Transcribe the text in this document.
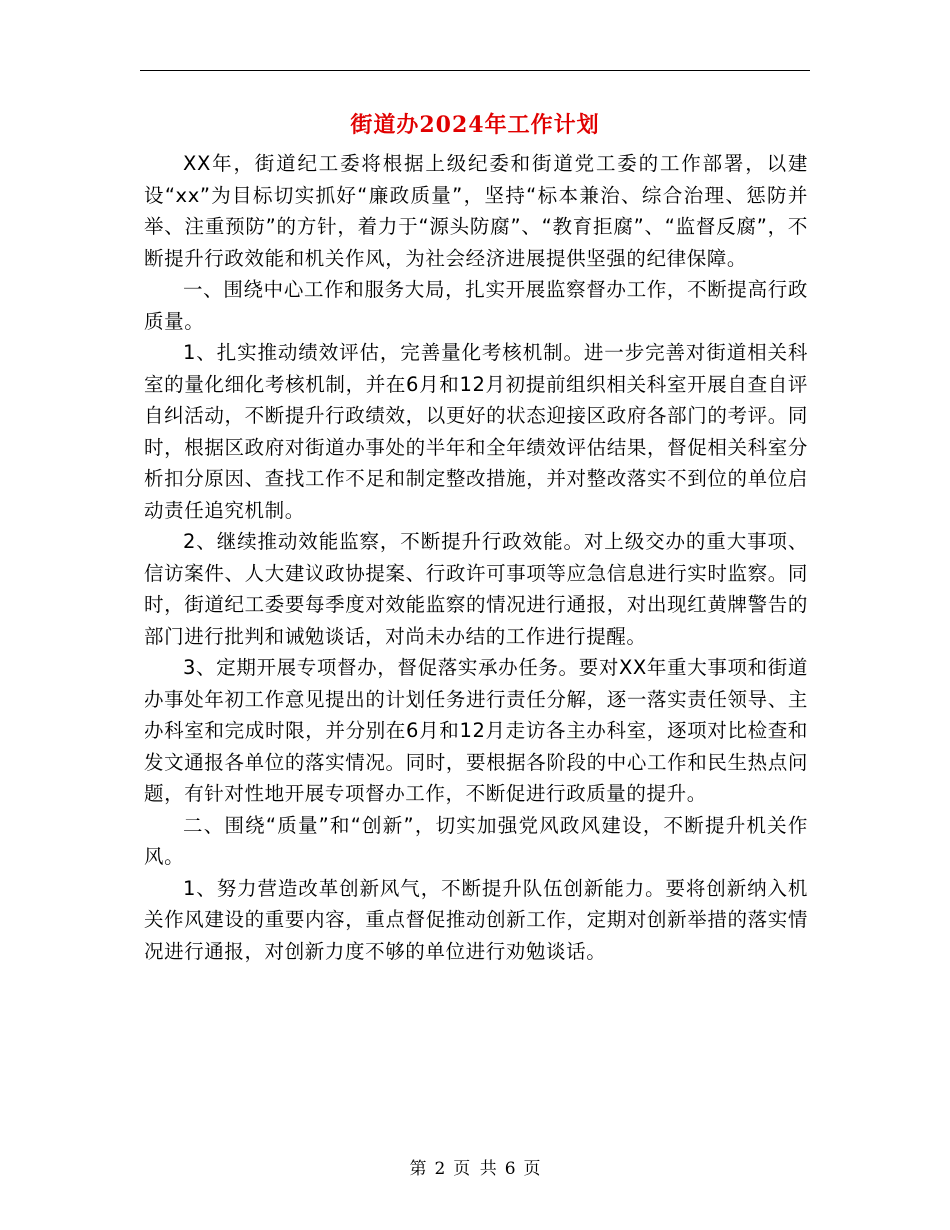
街道办2024年工作计划

XX年，街道纪工委将根据上级纪委和街道党工委的工作部署，以建设“xx”为目标切实抓好“廉政质量”，坚持“标本兼治、综合治理、惩防并举、注重预防”的方针，着力于“源头防腐”、“教育拒腐”、“监督反腐”，不断提升行政效能和机关作风，为社会经济进展提供坚强的纪律保障。

一、围绕中心工作和服务大局，扎实开展监察督办工作，不断提高行政质量。

1、扎实推动绩效评估，完善量化考核机制。进一步完善对街道相关科室的量化细化考核机制，并在6月和12月初提前组织相关科室开展自查自评自纠活动，不断提升行政绩效，以更好的状态迎接区政府各部门的考评。同时，根据区政府对街道办事处的半年和全年绩效评估结果，督促相关科室分析扣分原因、查找工作不足和制定整改措施，并对整改落实不到位的单位启动责任追究机制。

2、继续推动效能监察，不断提升行政效能。对上级交办的重大事项、信访案件、人大建议政协提案、行政许可事项等应急信息进行实时监察。同时，街道纪工委要每季度对效能监察的情况进行通报，对出现红黄牌警告的部门进行批判和诫勉谈话，对尚未办结的工作进行提醒。

3、定期开展专项督办，督促落实承办任务。要对XX年重大事项和街道办事处年初工作意见提出的计划任务进行责任分解，逐一落实责任领导、主办科室和完成时限，并分别在6月和12月走访各主办科室，逐项对比检查和发文通报各单位的落实情况。同时，要根据各阶段的中心工作和民生热点问题，有针对性地开展专项督办工作，不断促进行政质量的提升。

二、围绕“质量”和“创新”，切实加强党风政风建设，不断提升机关作风。

1、努力营造改革创新风气，不断提升队伍创新能力。要将创新纳入机关作风建设的重要内容，重点督促推动创新工作，定期对创新举措的落实情况进行通报，对创新力度不够的单位进行劝勉谈话。

第 2 页 共 6 页
